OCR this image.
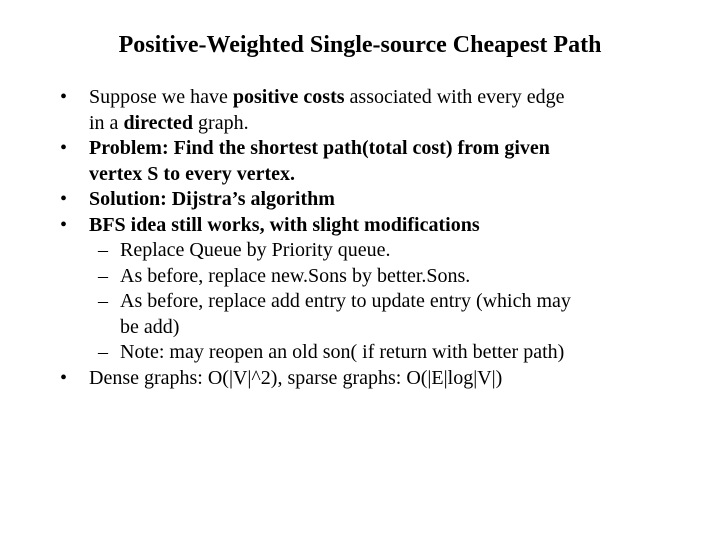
Positive-Weighted Single-source Cheapest Path
• Suppose we have positive costs associated with every edge
in a directed graph.
• Problem: Find the shortest path(total cost) from given
vertex S to every vertex.
• Solution: Dijstra’s algorithm
• BFS idea still works, with slight modifications
– Replace Queue by Priority queue.
– As before, replace new.Sons by better.Sons.
– As before, replace add entry to update entry (which may
be add)
– Note: may reopen an old son( if return with better path)
• Dense graphs: O(|V|^2), sparse graphs: O(|E|log|V|)
